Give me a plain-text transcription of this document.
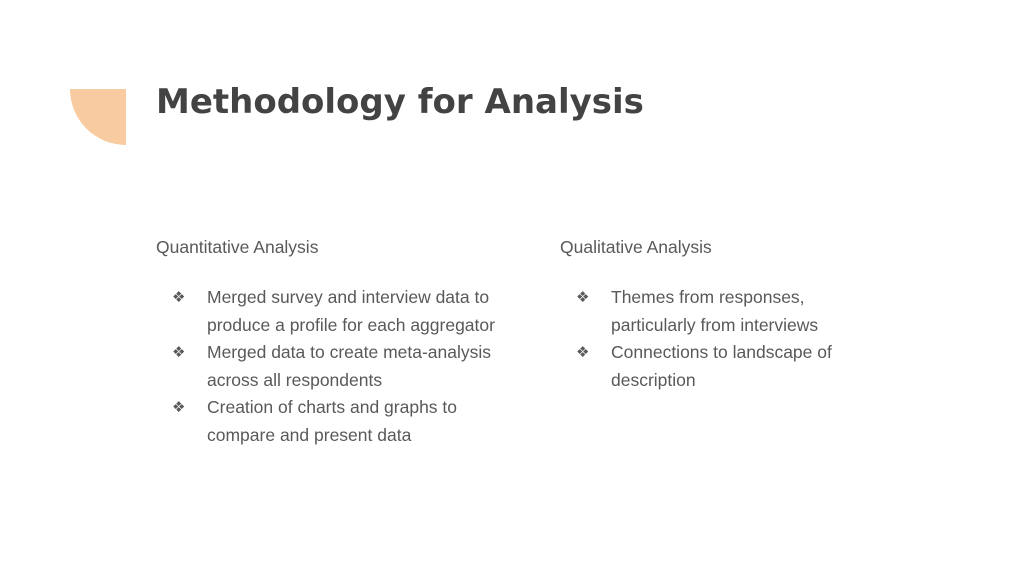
Methodology for Analysis
Quantitative Analysis
❖ Merged survey and interview data to produce a profile for each aggregator
❖ Merged data to create meta-analysis across all respondents
❖ Creation of charts and graphs to compare and present data
Qualitative Analysis
❖ Themes from responses, particularly from interviews
❖ Connections to landscape of description
